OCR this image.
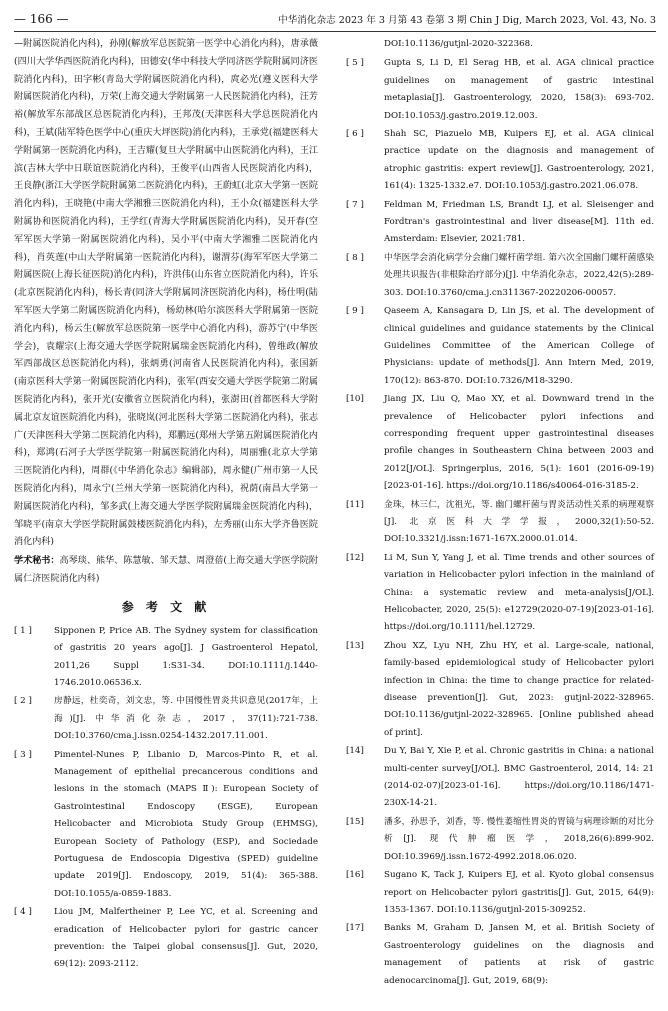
— 166 —	中华消化杂志 2023 年 3 月第 43 卷第 3 期 Chin J Dig, March 2023, Vol. 43, No. 3

—附属医院消化内科)，孙刚(解放军总医院第一医学中心消化内科)，唐承薇(四川大学华西医院消化内科)，田德安(华中科技大学同济医学院附属同济医院消化内科)，田字彬(青岛大学附属医院消化内科)，庹必光(遵义医科大学附属医院消化内科)，万荣(上海交通大学附属第一人民医院消化内科)，汪芳裕(解放军东部战区总医院消化内科)，王邦茂(天津医科大学总医院消化内科)，王斌(陆军特色医学中心(重庆大坪医院)消化内科)，王承党(福建医科大学附属第一医院消化内科)，王吉耀(复旦大学附属中山医院消化内科)，王江滨(吉林大学中日联谊医院消化内科)，王俊平(山西省人民医院消化内科)，王良静(浙江大学医学院附属第二医院消化内科)，王蔚虹(北京大学第一医院消化内科)，王晓艳(中南大学湘雅三医院消化内科)，王小众(福建医科大学附属协和医院消化内科)，王学红(青海大学附属医院消化内科)，吴开春(空军军医大学第一附属医院消化内科)，吴小平(中南大学湘雅二医院消化内科)，肖英莲(中山大学附属第一医院消化内科)，谢渭芬(海军军医大学第二附属医院(上海长征医院)消化内科)，许洪伟(山东省立医院消化内科)，许乐(北京医院消化内科)，杨长青(同济大学附属同济医院消化内科)，杨仕明(陆军军医大学第二附属医院消化内科)，杨幼林(哈尔滨医科大学附属第一医院消化内科)，杨云生(解放军总医院第一医学中心消化内科)，游苏宁(中华医学会)，袁耀宗(上海交通大学医学院附属瑞金医院消化内科)，曾维政(解放军西部战区总医院消化内科)，张炳勇(河南省人民医院消化内科)，张国新(南京医科大学第一附属医院消化内科)，张军(西安交通大学医学院第二附属医院消化内科)，张开光(安徽省立医院消化内科)，张澍田(首都医科大学附属北京友谊医院消化内科)，张晓岚(河北医科大学第二医院消化内科)，张志广(天津医科大学第二医院消化内科)，郑鹏远(郑州大学第五附属医院消化内科)，郑鸿(石河子大学医学院第一附属医院消化内科)，周丽雅(北京大学第三医院消化内科)，周群(《中华消化杂志》编辑部)，周永健(广州市第一人民医院消化内科)，周永宁(兰州大学第一医院消化内科)，祝荫(南昌大学第一附属医院消化内科)，邹多武(上海交通大学医学院附属瑞金医院消化内科)，邹晓平(南京大学医学院附属鼓楼医院消化内科)，左秀丽(山东大学齐鲁医院消化内科)

学术秘书：高琴琰、熊华、陈慧敏、邹天慧、周澄蓓(上海交通大学医学院附属仁济医院消化内科)

参 考 文 献
[ 1 ]	Sipponen P, Price AB. The Sydney system for classification of gastritis 20 years ago[J]. J Gastroenterol Hepatol, 2011,26 Suppl 1:S31-34. DOI:10.1111/j.1440-1746.2010.06536.x.
[ 2 ]	房静远，杜奕奇，刘文忠，等. 中国慢性胃炎共识意见(2017年，上海)[J]. 中华消化杂志，2017，37(11):721-738. DOI:10.3760/cma.j.issn.0254-1432.2017.11.001.
[ 3 ]	Pimentel-Nunes P, Libanio D, Marcos-Pinto R, et al. Management of epithelial precancerous conditions and lesions in the stomach (MAPS Ⅱ): European Society of Gastrointestinal Endoscopy (ESGE), European Helicobacter and Microbiota Study Group (EHMSG), European Society of Pathology (ESP), and Sociedade Portuguesa de Endoscopia Digestiva (SPED) guideline update 2019[J]. Endoscopy, 2019, 51(4): 365-388. DOI:10.1055/a-0859-1883.
[ 4 ]	Liou JM, Malfertheiner P, Lee YC, et al. Screening and eradication of Helicobacter pylori for gastric cancer prevention: the Taipei global consensus[J]. Gut, 2020, 69(12): 2093-2112.
DOI:10.1136/gutjnl-2020-322368.
[ 5 ]	Gupta S, Li D, El Serag HB, et al. AGA clinical practice guidelines on management of gastric intestinal metaplasia[J]. Gastroenterology, 2020, 158(3): 693-702. DOI:10.1053/j.gastro.2019.12.003.
[ 6 ]	Shah SC, Piazuelo MB, Kuipers EJ, et al. AGA clinical practice update on the diagnosis and management of atrophic gastritis: expert review[J]. Gastroenterology, 2021, 161(4): 1325-1332.e7. DOI:10.1053/j.gastro.2021.06.078.
[ 7 ]	Feldman M, Friedman LS, Brandt LJ, et al. Sleisenger and Fordtran's gastrointestinal and liver disease[M]. 11th ed. Amsterdam: Elsevier, 2021:781.
[ 8 ]	中华医学会消化病学分会幽门螺杆菌学组. 第六次全国幽门螺杆菌感染处理共识报告(非根除治疗部分)[J]. 中华消化杂志，2022,42(5):289-303. DOI:10.3760/cma.j.cn311367-20220206-00057.
[ 9 ]	Qaseem A, Kansagara D, Lin JS, et al. The development of clinical guidelines and guidance statements by the Clinical Guidelines Committee of the American College of Physicians: update of methods[J]. Ann Intern Med, 2019, 170(12): 863-870. DOI:10.7326/M18-3290.
[10]	Jiang JX, Liu Q, Mao XY, et al. Downward trend in the prevalence of Helicobacter pylori infections and corresponding frequent upper gastrointestinal diseases profile changes in Southeastern China between 2003 and 2012[J/OL]. Springerplus, 2016, 5(1): 1601 (2016-09-19)[2023-01-16]. https://doi.org/10.1186/s40064-016-3185-2.
[11]	金珠，林三仁，沈祖光，等. 幽门螺杆菌与胃炎活动性关系的病理观察[J]. 北京医科大学学报，2000,32(1):50-52. DOI:10.3321/j.issn:1671-167X.2000.01.014.
[12]	Li M, Sun Y, Yang J, et al. Time trends and other sources of variation in Helicobacter pylori infection in the mainland of China: a systematic review and meta-analysis[J/OL]. Helicobacter, 2020, 25(5): e12729(2020-07-19)[2023-01-16]. https://doi.org/10.1111/hel.12729.
[13]	Zhou XZ, Lyu NH, Zhu HY, et al. Large-scale, national, family-based epidemiological study of Helicobacter pylori infection in China: the time to change practice for related-disease prevention[J]. Gut, 2023: gutjnl-2022-328965. DOI:10.1136/gutjnl-2022-328965. [Online published ahead of print].
[14]	Du Y, Bai Y, Xie P, et al. Chronic gastritis in China: a national multi-center survey[J/OL]. BMC Gastroenterol, 2014, 14: 21 (2014-02-07)[2023-01-16]. https://doi.org/10.1186/1471-230X-14-21.
[15]	潘多，孙思予，刘香，等. 慢性萎缩性胃炎的胃镜与病理诊断的对比分析[J]. 现代肿瘤医学，2018,26(6):899-902. DOI:10.3969/j.issn.1672-4992.2018.06.020.
[16]	Sugano K, Tack J, Kuipers EJ, et al. Kyoto global consensus report on Helicobacter pylori gastritis[J]. Gut, 2015, 64(9): 1353-1367. DOI:10.1136/gutjnl-2015-309252.
[17]	Banks M, Graham D, Jansen M, et al. British Society of Gastroenterology guidelines on the diagnosis and management of patients at risk of gastric adenocarcinoma[J]. Gut, 2019, 68(9):
